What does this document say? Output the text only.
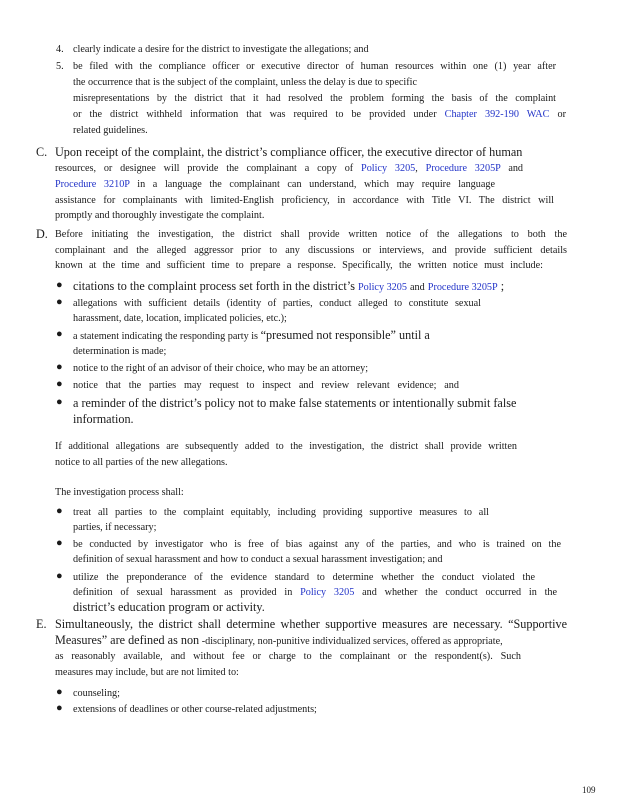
4. clearly indicate a desire for the district to investigate the allegations; and
5. be filed with the compliance officer or executive director of human resources within one (1) year after
the occurrence that is the subject of the complaint, unless the delay is due to specific
misrepresentations by the district that it had resolved the problem forming the basis of the complaint
or the district withheld information that was required to be provided under Chapter 392-190 WAC or
related guidelines.
C. Upon receipt of the complaint, the district’s compliance officer, the executive director of human
resources, or designee will provide the complainant a copy of Policy 3205, Procedure 3205P and
Procedure 3210P in a language the complainant can understand, which may require language
assistance for complainants with limited-English proficiency, in accordance with Title VI. The district will
promptly and thoroughly investigate the complaint.
D. Before initiating the investigation, the district shall provide written notice of the allegations to both the
complainant and the alleged aggressor prior to any discussions or interviews, and provide sufficient details
known at the time and sufficient time to prepare a response. Specifically, the written notice must include:
● citations to the complaint process set forth in the district’s Policy 3205 and Procedure 3205P ;
● allegations with sufficient details (identity of parties, conduct alleged to constitute sexual
harassment, date, location, implicated policies, etc.);
● a statement indicating the responding party is “presumed not responsible” until a
determination is made;
● notice to the right of an advisor of their choice, who may be an attorney;
● notice that the parties may request to inspect and review relevant evidence; and
● a reminder of the district’s policy not to make false statements or intentionally submit false
information.
If additional allegations are subsequently added to the investigation, the district shall provide written
notice to all parties of the new allegations.
The investigation process shall:
● treat all parties to the complaint equitably, including providing supportive measures to all
parties, if necessary;
● be conducted by investigator who is free of bias against any of the parties, and who is trained on the
definition of sexual harassment and how to conduct a sexual harassment investigation; and
● utilize the preponderance of the evidence standard to determine whether the conduct violated the
definition of sexual harassment as provided in Policy 3205 and whether the conduct occurred in the
district’s education program or activity.
E. Simultaneously, the district shall determine whether supportive measures are necessary. “Supportive
Measures” are defined as non -disciplinary, non-punitive individualized services, offered as appropriate,
as reasonably available, and without fee or charge to the complainant or the respondent(s). Such
measures may include, but are not limited to:
● counseling;
● extensions of deadlines or other course-related adjustments;
109
